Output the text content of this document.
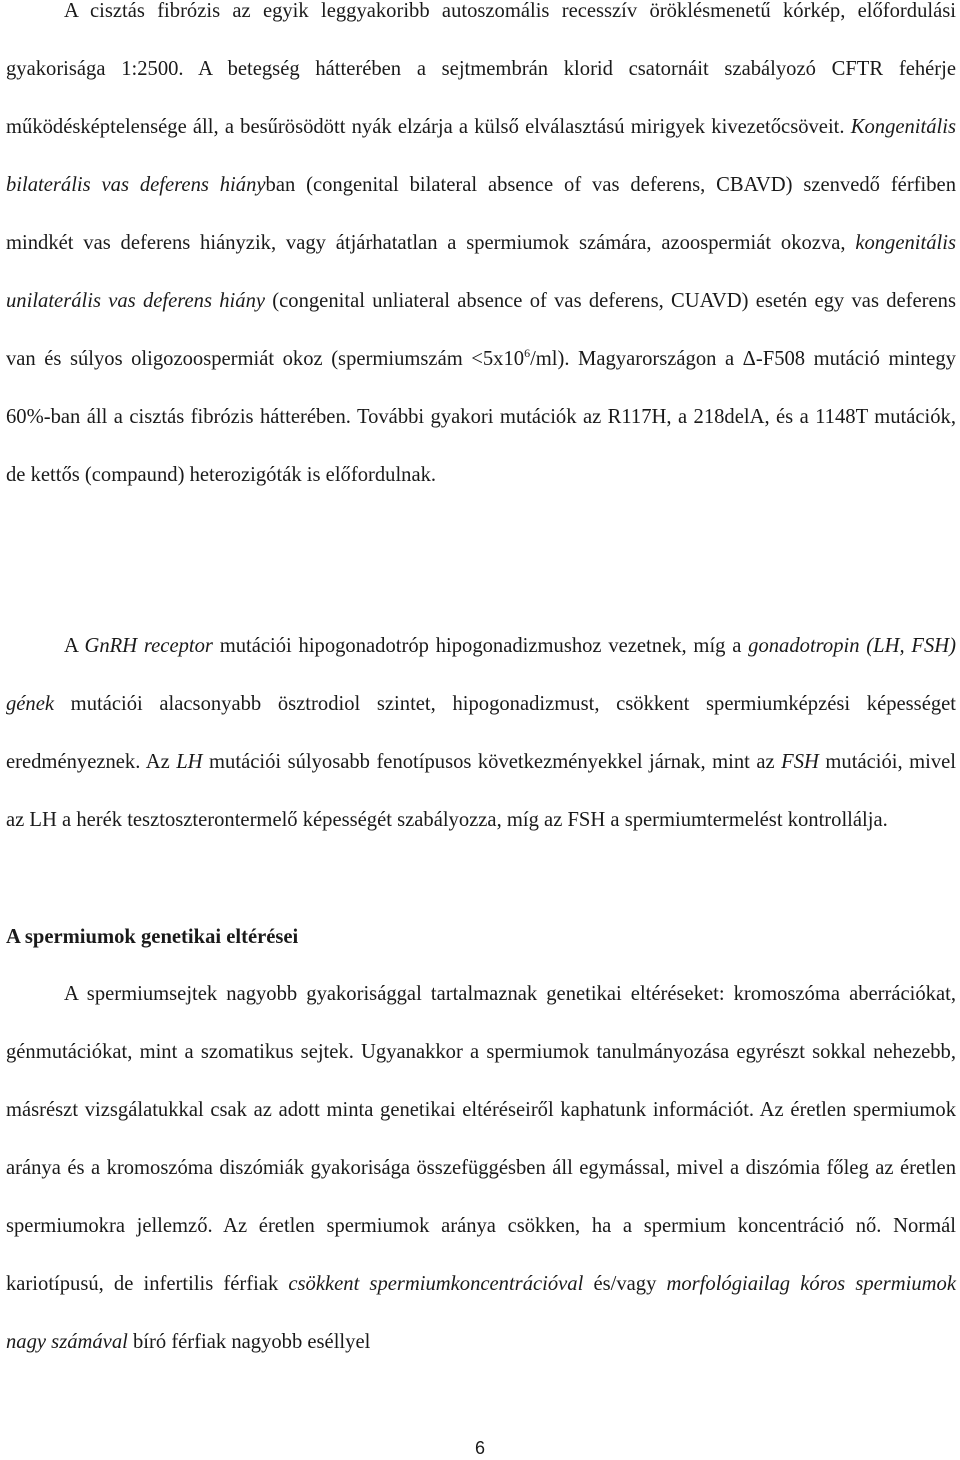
A cisztás fibrózis az egyik leggyakoribb autoszomális recesszív öröklésmenetű kórkép, előfordulási gyakorisága 1:2500. A betegség hátterében a sejtmembrán klorid csatornáit szabályozó CFTR fehérje működésképtelensége áll, a besűrösödött nyák elzárja a külső elválasztású mirigyek kivezetőcsöveit. Kongenitális bilaterális vas deferens hiányban (congenital bilateral absence of vas deferens, CBAVD) szenvedő férfiben mindkét vas deferens hiányzik, vagy átjárhatatlan a spermiumok számára, azoospermiát okozva, kongenitális unilaterális vas deferens hiány (congenital unliateral absence of vas deferens, CUAVD) esetén egy vas deferens van és súlyos oligozoospermiát okoz (spermiumszám $<5x10^6/ml$). Magyarországon a Δ-F508 mutáció mintegy 60%-ban áll a cisztás fibrózis hátterében. További gyakori mutációk az R117H, a 218delA, és a 1148T mutációk, de kettős (compaund) heterozigóták is előfordulnak.

A GnRH receptor mutációi hipogonadotróp hipogonadizmushoz vezetnek, míg a gonadotropin (LH, FSH) gének mutációi alacsonyabb ösztrodiol szintet, hipogonadizmust, csökkent spermiumképzési képességet eredményeznek. Az LH mutációi súlyosabb fenotípusos következményekkel járnak, mint az FSH mutációi, mivel az LH a herék tesztoszterontermelő képességét szabályozza, míg az FSH a spermiumtermelést kontrollálja.

A spermiumok genetikai eltérései

A spermiumsejtek nagyobb gyakorisággal tartalmaznak genetikai eltéréseket: kromoszóma aberrációkat, génmutációkat, mint a szomatikus sejtek. Ugyanakkor a spermiumok tanulmányozása egyrészt sokkal nehezebb, másrészt vizsgálatukkal csak az adott minta genetikai eltéréseiről kaphatunk információt. Az éretlen spermiumok aránya és a kromoszóma diszómiák gyakorisága összefüggésben áll egymással, mivel a diszómia főleg az éretlen spermiumokra jellemző. Az éretlen spermiumok aránya csökken, ha a spermium koncentráció nő. Normál kariotípusú, de infertilis férfiak csökkent spermiumkoncentrációval és/vagy morfológiailag kóros spermiumok nagy számával bíró férfiak nagyobb eséllyel

6
